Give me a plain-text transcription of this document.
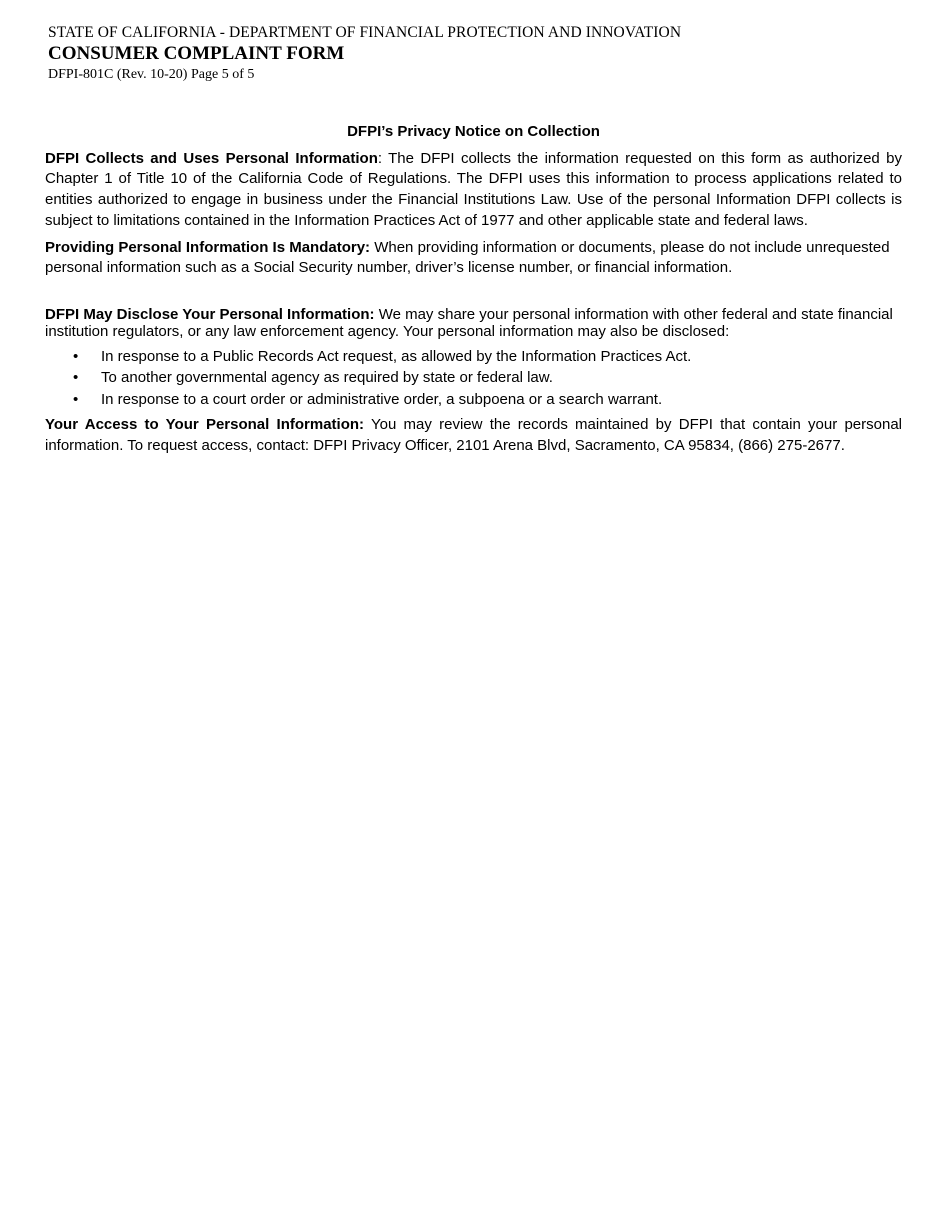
STATE OF CALIFORNIA - DEPARTMENT OF FINANCIAL PROTECTION AND INNOVATION
CONSUMER COMPLAINT FORM
DFPI-801C (Rev. 10-20) Page 5 of 5
DFPI’s Privacy Notice on Collection

DFPI Collects and Uses Personal Information: The DFPI collects the information requested on this form as authorized by Chapter 1 of Title 10 of the California Code of Regulations. The DFPI uses this information to process applications related to entities authorized to engage in business under the Financial Institutions Law. Use of the personal Information DFPI collects is subject to limitations contained in the Information Practices Act of 1977 and other applicable state and federal laws.

Providing Personal Information Is Mandatory: When providing information or documents, please do not include unrequested personal information such as a Social Security number, driver’s license number, or financial information.

DFPI May Disclose Your Personal Information: We may share your personal information with other federal and state financial institution regulators, or any law enforcement agency. Your personal information may also be disclosed:

• In response to a Public Records Act request, as allowed by the Information Practices Act.
• To another governmental agency as required by state or federal law.
• In response to a court order or administrative order, a subpoena or a search warrant.

Your Access to Your Personal Information: You may review the records maintained by DFPI that contain your personal information. To request access, contact: DFPI Privacy Officer, 2101 Arena Blvd, Sacramento, CA 95834, (866) 275-2677.
